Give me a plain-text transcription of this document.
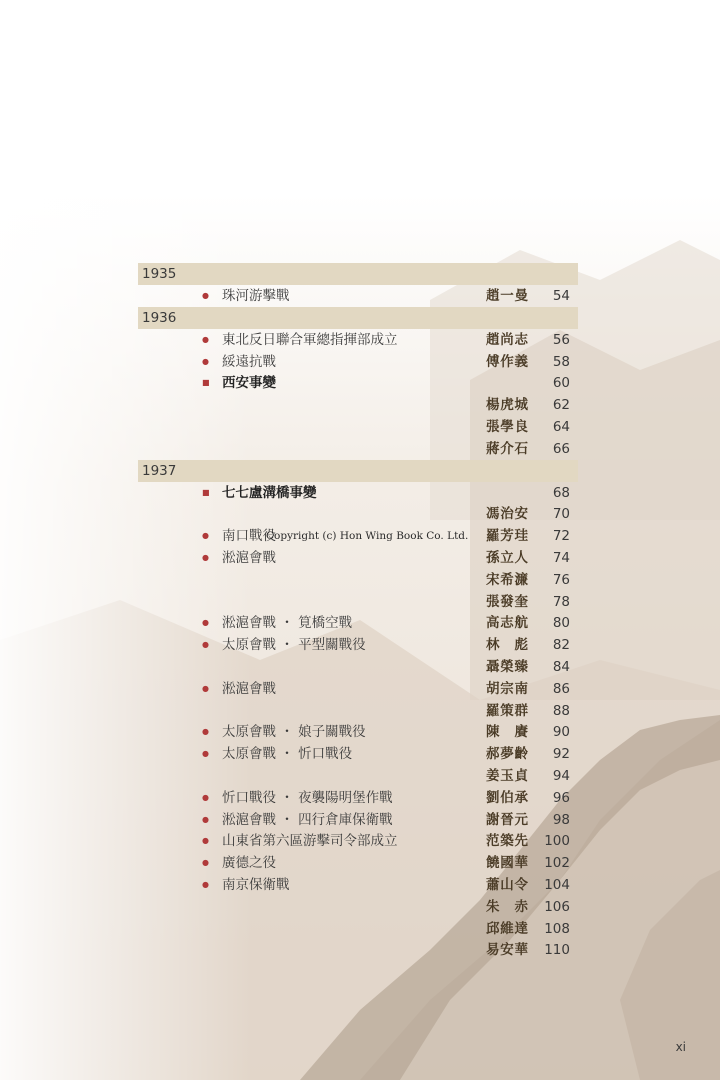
1935
● 珠河游擊戰	趙一曼	54
1936
● 東北反日聯合軍總指揮部成立	趙尚志	56
● 綏遠抗戰	傅作義	58
■ 西安事變	60
楊虎城	62
張學良	64
蔣介石	66
1937
■ 七七盧溝橋事變	68
馮治安	70
● 南口戰役	羅芳珪	72
● 淞滬會戰	孫立人	74
宋希濂	76
張發奎	78
● 淞滬會戰 ・ 筧橋空戰	高志航	80
● 太原會戰 ・ 平型關戰役	林　彪	82
聶榮臻	84
● 淞滬會戰	胡宗南	86
羅策群	88
● 太原會戰 ・ 娘子關戰役	陳　賡	90
● 太原會戰 ・ 忻口戰役	郝夢齡	92
姜玉貞	94
● 忻口戰役 ・ 夜襲陽明堡作戰	劉伯承	96
● 淞滬會戰 ・ 四行倉庫保衛戰	謝晉元	98
● 山東省第六區游擊司令部成立	范築先	100
● 廣德之役	饒國華	102
● 南京保衛戰	蕭山令	104
朱　赤	106
邱維達	108
易安華	110
Copyright (c) Hon Wing Book Co. Ltd.
xi
